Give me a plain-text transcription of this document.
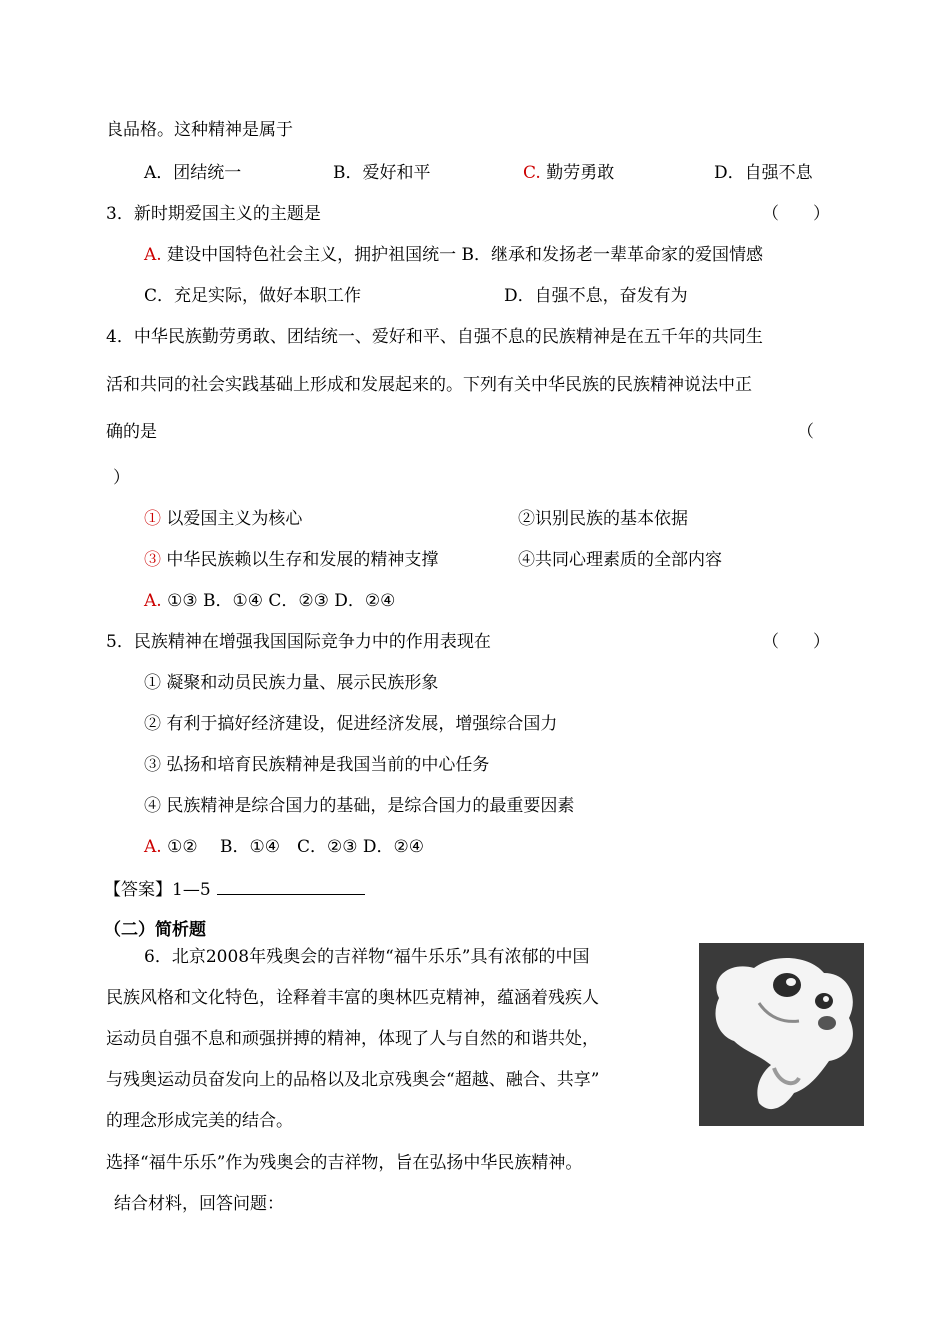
良品格。这种精神是属于
A．团结统一	B．爱好和平	C. 勤劳勇敢	D．自强不息
3．新时期爱国主义的主题是	（　　）
A. 建设中国特色社会主义，拥护祖国统一 B．继承和发扬老一辈革命家的爱国情感
C．充足实际，做好本职工作	D．自强不息，奋发有为
4．中华民族勤劳勇敢、团结统一、爱好和平、自强不息的民族精神是在五千年的共同生
活和共同的社会实践基础上形成和发展起来的。下列有关中华民族的民族精神说法中正
确的是	（
）
① 以爱国主义为核心	②识别民族的基本依据
③ 中华民族赖以生存和发展的精神支撑	④共同心理素质的全部内容
A. ①③ B．①④ C．②③ D．②④
5．民族精神在增强我国国际竞争力中的作用表现在	（　　）
① 凝聚和动员民族力量、展示民族形象
② 有利于搞好经济建设，促进经济发展，增强综合国力
③ 弘扬和培育民族精神是我国当前的中心任务
④ 民族精神是综合国力的基础，是综合国力的最重要因素
A. ①②　 B．①④　C．②③ D．②④
【答案】1—5
（二）简析题
6．北京2008年残奥会的吉祥物“福牛乐乐”具有浓郁的中国
民族风格和文化特色，诠释着丰富的奥林匹克精神，蕴涵着残疾人
运动员自强不息和顽强拼搏的精神，体现了人与自然的和谐共处，
与残奥运动员奋发向上的品格以及北京残奥会“超越、融合、共享”
的理念形成完美的结合。
选择“福牛乐乐”作为残奥会的吉祥物，旨在弘扬中华民族精神。
结合材料，回答问题：
